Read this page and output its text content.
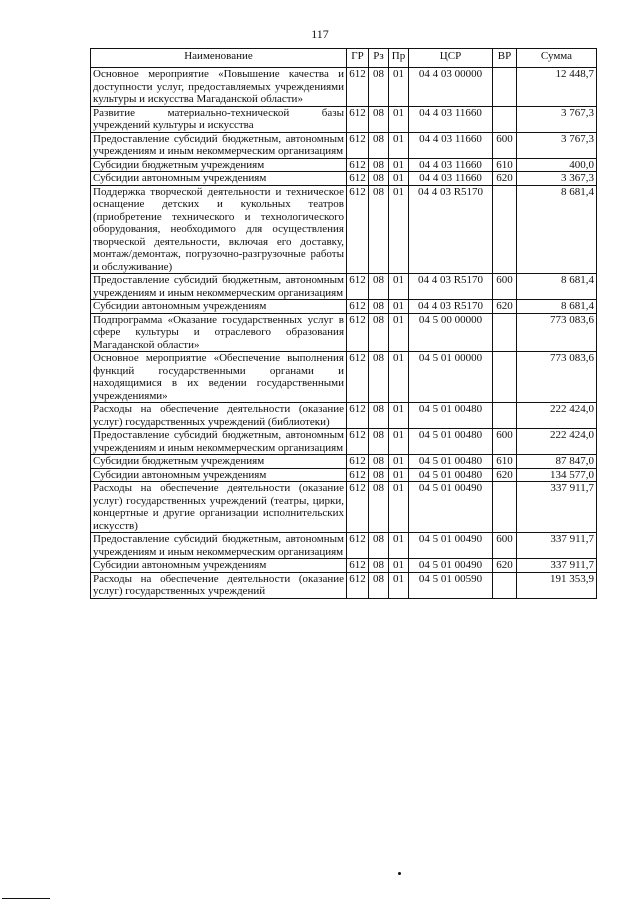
117
Наименование	ГР	Рз	Пр	ЦСР	ВР	Сумма
Основное мероприятие «Повышение качества и доступности услуг, предоставляемых учреждениями культуры и искусства Магаданской области»	612	08	01	04 4 03 00000		12 448,7
Развитие материально-технической базы учреждений культуры и искусства	612	08	01	04 4 03 11660		3 767,3
Предоставление субсидий бюджетным, автономным учреждениям и иным некоммерческим организациям	612	08	01	04 4 03 11660	600	3 767,3
Субсидии бюджетным учреждениям	612	08	01	04 4 03 11660	610	400,0
Субсидии автономным учреждениям	612	08	01	04 4 03 11660	620	3 367,3
Поддержка творческой деятельности и техническое оснащение детских и кукольных театров (приобретение технического и технологического оборудования, необходимого для осуществления творческой деятельности, включая его доставку, монтаж/демонтаж, погрузочно-разгрузочные работы и обслуживание)	612	08	01	04 4 03 R5170		8 681,4
Предоставление субсидий бюджетным, автономным учреждениям и иным некоммерческим организациям	612	08	01	04 4 03 R5170	600	8 681,4
Субсидии автономным учреждениям	612	08	01	04 4 03 R5170	620	8 681,4
Подпрограмма «Оказание государственных услуг в сфере культуры и отраслевого образования Магаданской области»	612	08	01	04 5 00 00000		773 083,6
Основное мероприятие «Обеспечение выполнения функций государственными органами и находящимися в их ведении государственными учреждениями»	612	08	01	04 5 01 00000		773 083,6
Расходы на обеспечение деятельности (оказание услуг) государственных учреждений (библиотеки)	612	08	01	04 5 01 00480		222 424,0
Предоставление субсидий бюджетным, автономным учреждениям и иным некоммерческим организациям	612	08	01	04 5 01 00480	600	222 424,0
Субсидии бюджетным учреждениям	612	08	01	04 5 01 00480	610	87 847,0
Субсидии автономным учреждениям	612	08	01	04 5 01 00480	620	134 577,0
Расходы на обеспечение деятельности (оказание услуг) государственных учреждений (театры, цирки, концертные и другие организации исполнительских искусств)	612	08	01	04 5 01 00490		337 911,7
Предоставление субсидий бюджетным, автономным учреждениям и иным некоммерческим организациям	612	08	01	04 5 01 00490	600	337 911,7
Субсидии автономным учреждениям	612	08	01	04 5 01 00490	620	337 911,7
Расходы на обеспечение деятельности (оказание услуг) государственных учреждений	612	08	01	04 5 01 00590		191 353,9
